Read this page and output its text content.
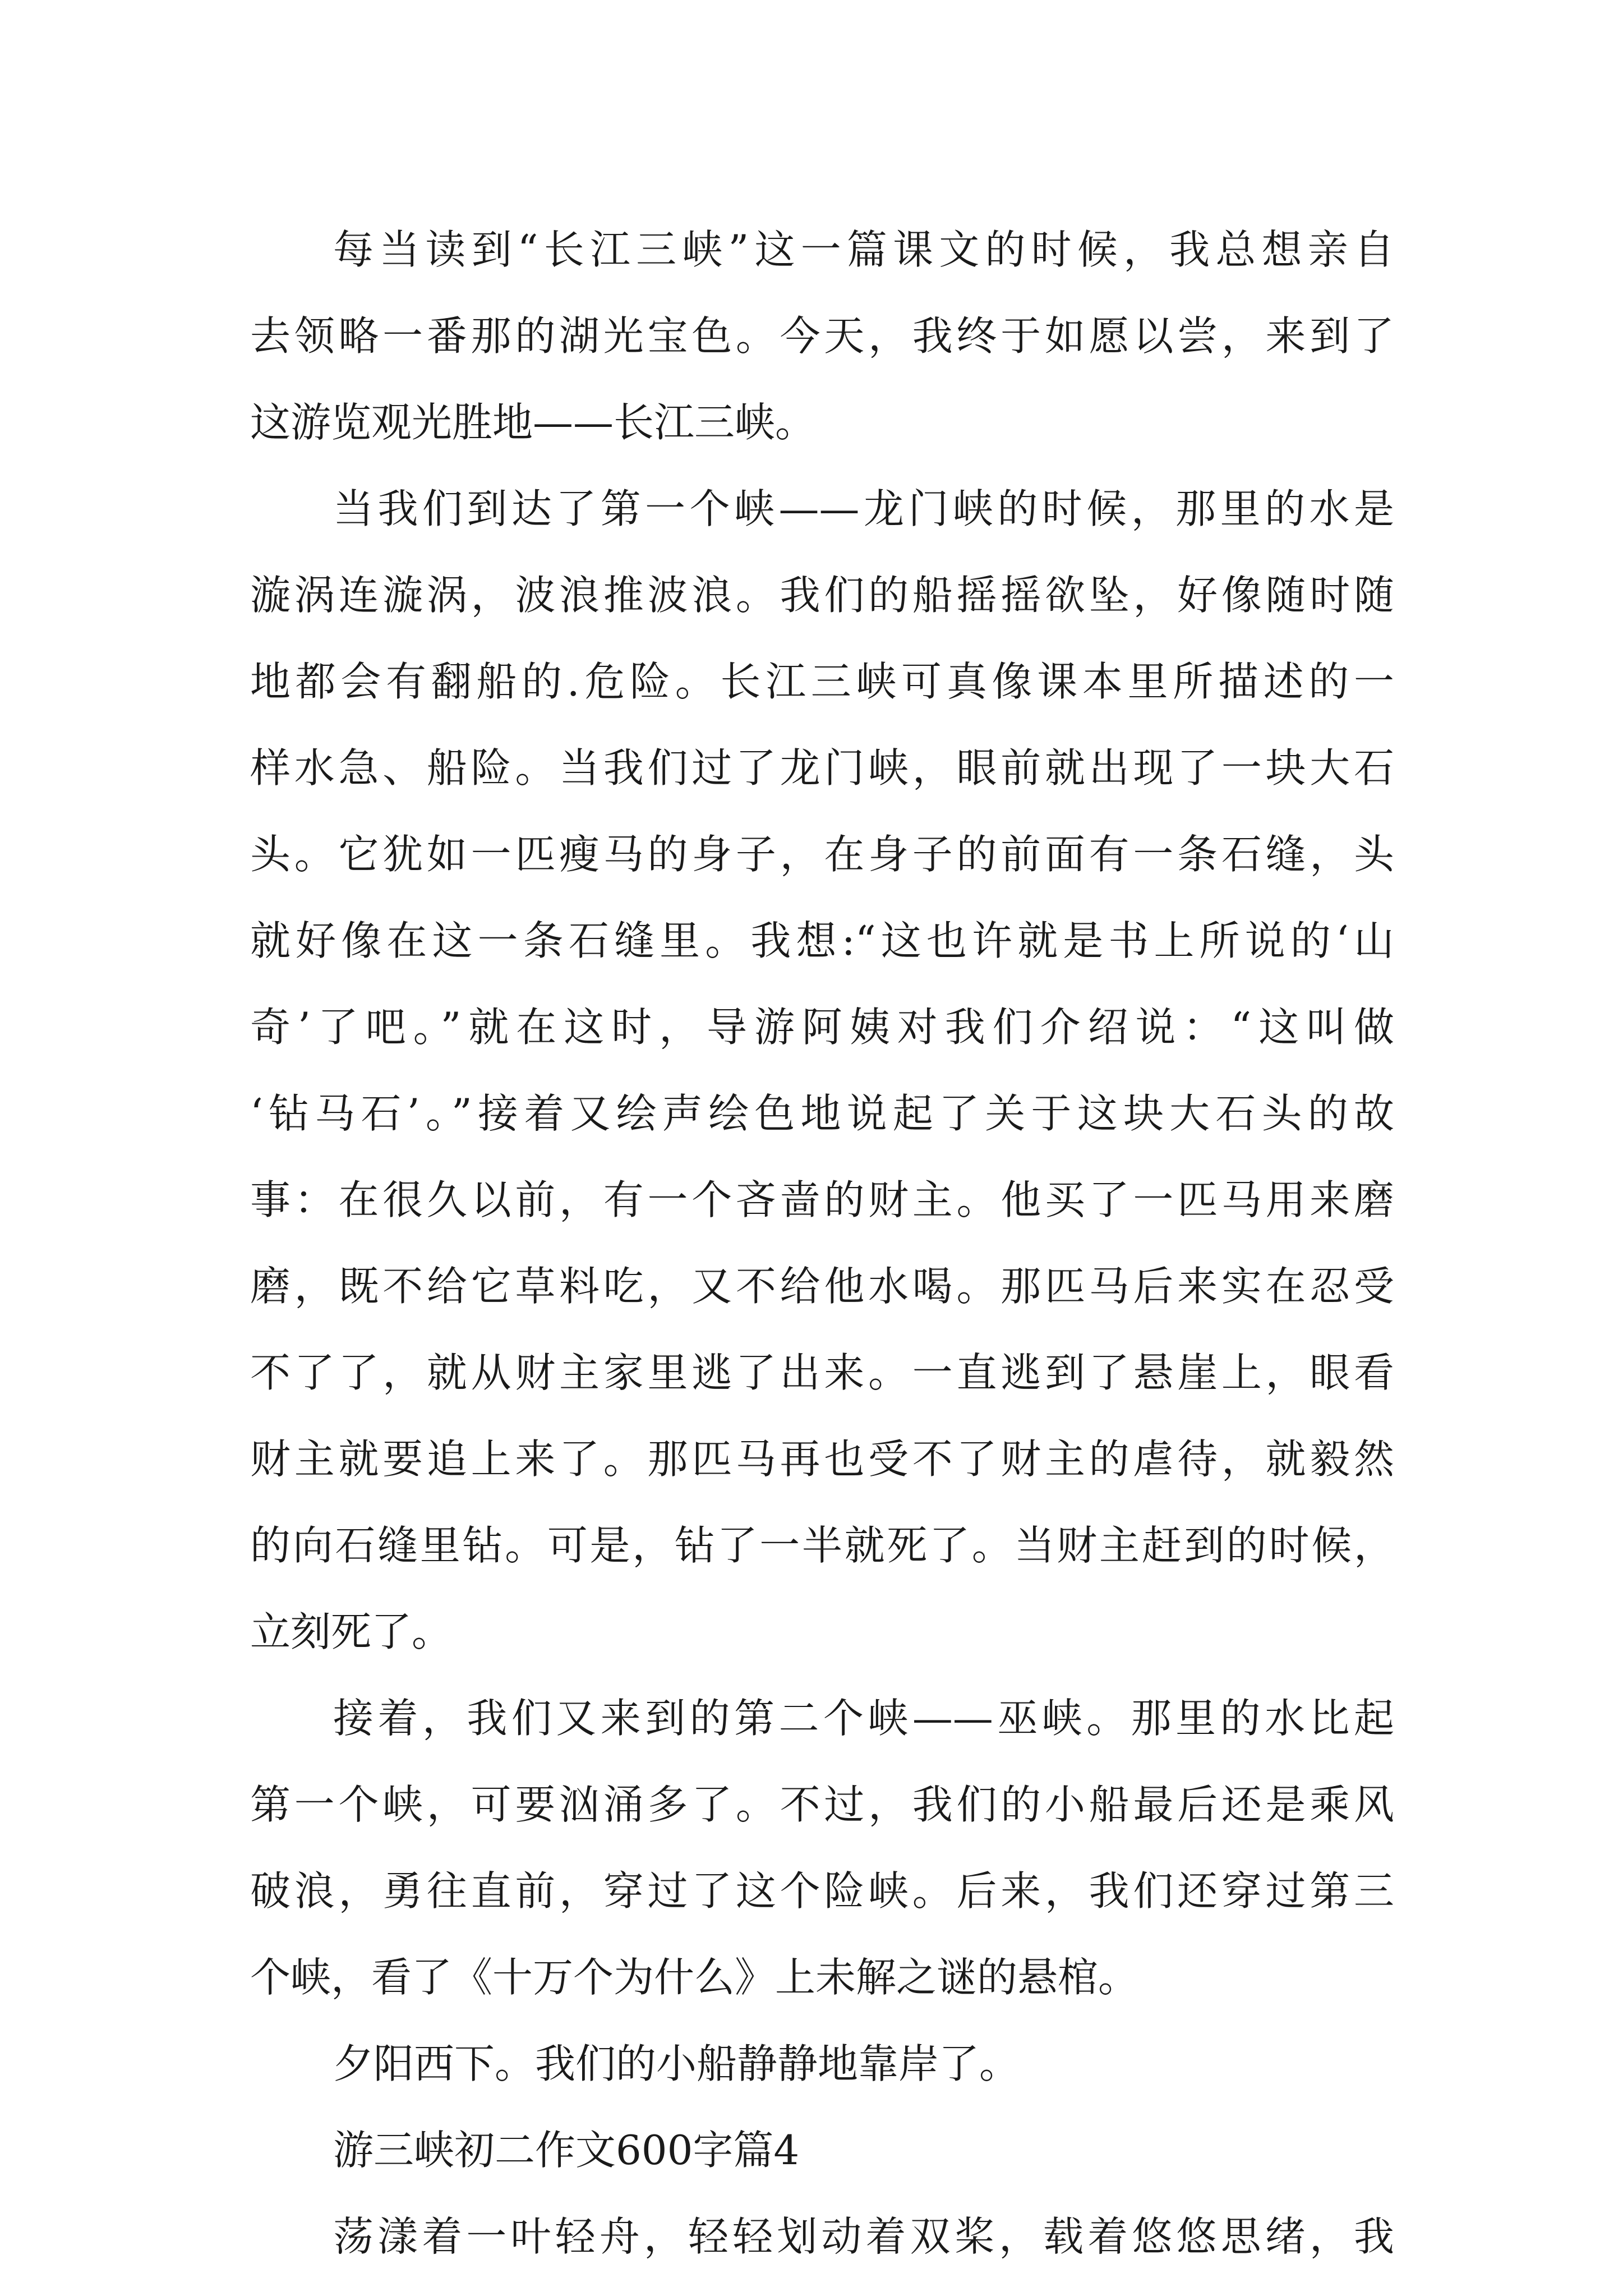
每当读到“长江三峡”这一篇课文的时候，我总想亲自
去领略一番那的湖光宝色。今天，我终于如愿以尝，来到了
这游览观光胜地——长江三峡。
当我们到达了第一个峡——龙门峡的时候，那里的水是
漩涡连漩涡，波浪推波浪。我们的船摇摇欲坠，好像随时随
地都会有翻船的.危险。长江三峡可真像课本里所描述的一
样水急、船险。当我们过了龙门峡，眼前就出现了一块大石
头。它犹如一匹瘦马的身子，在身子的前面有一条石缝，头
就好像在这一条石缝里。我想:“这也许就是书上所说的‘山
奇’了吧。”就在这时，导游阿姨对我们介绍说：“这叫做
‘钻马石’。”接着又绘声绘色地说起了关于这块大石头的故
事：在很久以前，有一个吝啬的财主。他买了一匹马用来磨
磨，既不给它草料吃，又不给他水喝。那匹马后来实在忍受
不了了，就从财主家里逃了出来。一直逃到了悬崖上，眼看
财主就要追上来了。那匹马再也受不了财主的虐待，就毅然
的向石缝里钻。可是，钻了一半就死了。当财主赶到的时候，
立刻死了。
接着，我们又来到的第二个峡——巫峡。那里的水比起
第一个峡，可要汹涌多了。不过，我们的小船最后还是乘风
破浪，勇往直前，穿过了这个险峡。后来，我们还穿过第三
个峡，看了《十万个为什么》上未解之谜的悬棺。
夕阳西下。我们的小船静静地靠岸了。
游三峡初二作文600字篇4
荡漾着一叶轻舟，轻轻划动着双桨，载着悠悠思绪，我
